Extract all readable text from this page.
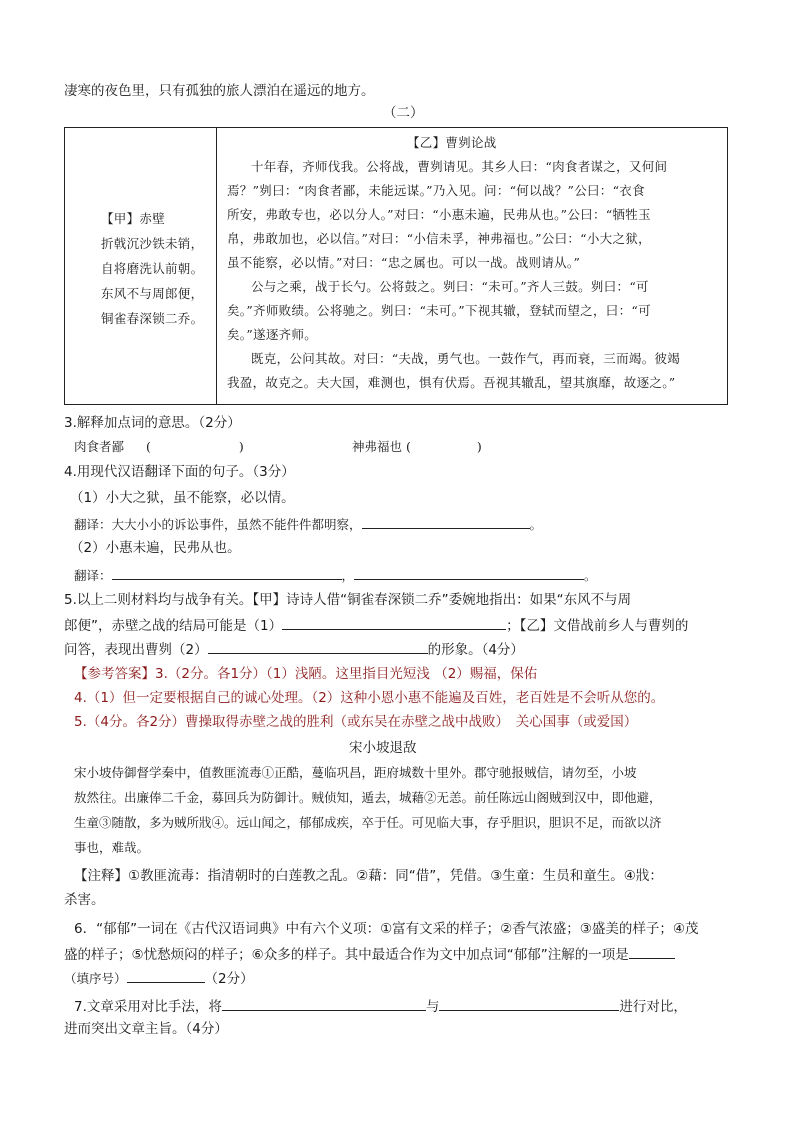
凄寒的夜色里，只有孤独的旅人漂泊在遥远的地方。
（二）
【甲】赤壁
折戟沉沙铁未销，
自将磨洗认前朝。
东风不与周郎便，
铜雀春深锁二乔。
【乙】曹刿论战
十年春，齐师伐我。公将战，曹刿请见。其乡人曰：“肉食者谋之，又何间
焉？”刿曰：“肉食者鄙，未能远谋。”乃入见。问：“何以战？”公曰：“衣食
所安，弗敢专也，必以分人。”对曰：“小惠未遍，民弗从也。”公曰：“牺牲玉
帛，弗敢加也，必以信。”对曰：“小信未孚，神弗福也。”公曰：“小大之狱，
虽不能察，必以情。”对曰：“忠之属也。可以一战。战则请从。”
公与之乘，战于长勺。公将鼓之。刿曰：“未可。”齐人三鼓。刿曰：“可
矣。”齐师败绩。公将驰之。刿曰：“未可。”下视其辙，登轼而望之，曰：“可
矣。”遂逐齐师。
既克，公问其故。对曰：“夫战，勇气也。一鼓作气，再而衰，三而竭。彼竭
我盈，故克之。夫大国，难测也，惧有伏焉。吾视其辙乱，望其旗靡，故逐之。”
3.解释加点词的意思。（2分）
肉食者鄙 (	)	神弗福也 (	)
4.用现代汉语翻译下面的句子。（3分）
（1）小大之狱，虽不能察，必以情。
翻译：大大小小的诉讼事件，虽然不能件件都明察，	。
（2）小惠未遍，民弗从也。
翻译：	，	。
5.以上二则材料均与战争有关。【甲】诗诗人借“铜雀春深锁二乔”委婉地指出：如果“东风不与周
郎便”，赤壁之战的结局可能是（1）	；【乙】文借战前乡人与曹刿的
问答，表现出曹刿（2）	的形象。（4分）
【参考答案】3.（2分。各1分）（1）浅陋。这里指目光短浅 （2）赐福，保佑
4.（1）但一定要根据自己的诚心处理。（2）这种小恩小惠不能遍及百姓，老百姓是不会听从您的。
5.（4分。各2分）曹操取得赤壁之战的胜利（或东吴在赤壁之战中战败）　关心国事（或爱国）
宋小坡退敌
宋小坡侍御督学秦中，值教匪流毒①正酷，蔓临巩昌，距府城数十里外。郡守驰报贼信，请勿至，小坡
敖然往。出廉俸二千金，募回兵为防御计。贼侦知，遁去，城藉②无恙。前任陈远山阁贼到汉中，即他避，
生童③随散，多为贼所戕④。远山闻之，郁郁成疾，卒于任。可见临大事，存乎胆识，胆识不足，而欲以济
事也，难哉。
【注释】①教匪流毒：指清朝时的白莲教之乱。②藉：同“借”，凭借。③生童：生员和童生。④戕：
杀害。
6．“郁郁”一词在《古代汉语词典》中有六个义项：①富有文采的样子；②香气浓盛；③盛美的样子；④茂
盛的样子；⑤忧愁烦闷的样子；⑥众多的样子。其中最适合作为文中加点词“郁郁”注解的一项是
（填序号）	（2分）
7.文章采用对比手法，将	与	进行对比，
进而突出文章主旨。（4分）
